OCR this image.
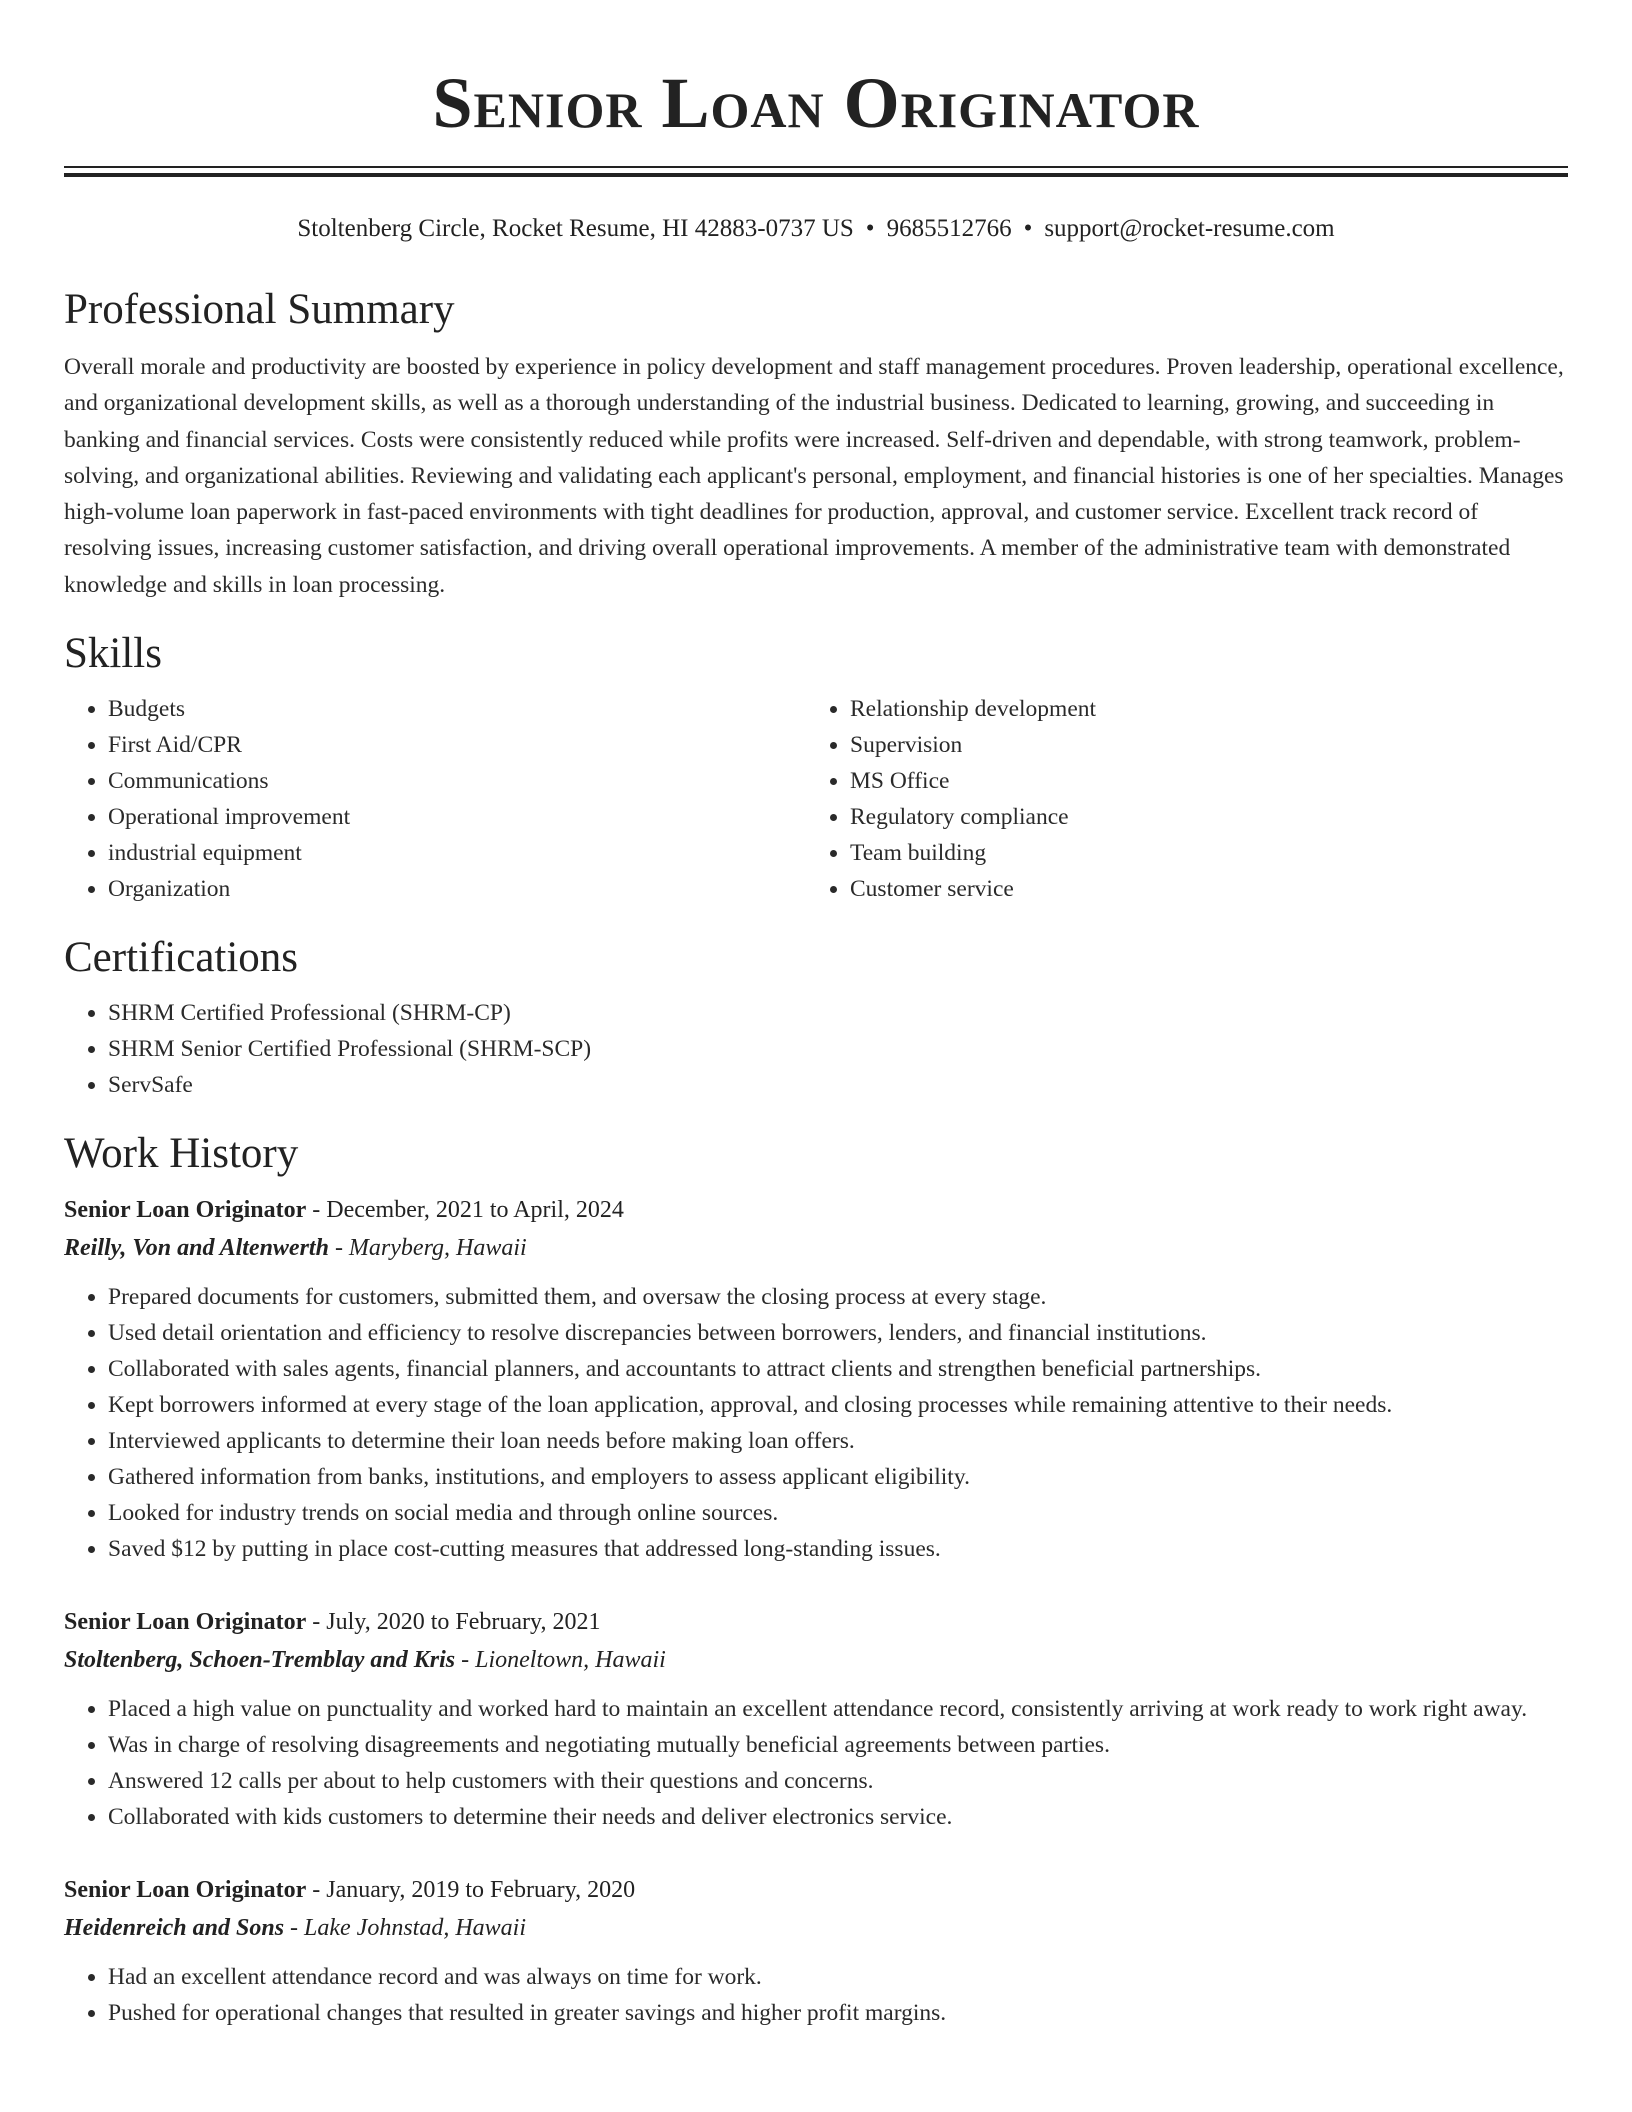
Senior Loan Originator
Stoltenberg Circle, Rocket Resume, HI 42883-0737 US • 9685512766 • support@rocket-resume.com
Professional Summary

Overall morale and productivity are boosted by experience in policy development and staff management procedures. Proven leadership, operational excellence, and organizational development skills, as well as a thorough understanding of the industrial business. Dedicated to learning, growing, and succeeding in banking and financial services. Costs were consistently reduced while profits were increased. Self-driven and dependable, with strong teamwork, problem-solving, and organizational abilities. Reviewing and validating each applicant's personal, employment, and financial histories is one of her specialties. Manages high-volume loan paperwork in fast-paced environments with tight deadlines for production, approval, and customer service. Excellent track record of resolving issues, increasing customer satisfaction, and driving overall operational improvements. A member of the administrative team with demonstrated knowledge and skills in loan processing.

Skills
• Budgets
• First Aid/CPR
• Communications
• Operational improvement
• industrial equipment
• Organization
• Relationship development
• Supervision
• MS Office
• Regulatory compliance
• Team building
• Customer service
Certifications
• SHRM Certified Professional (SHRM-CP)
• SHRM Senior Certified Professional (SHRM-SCP)
• ServSafe
Work History
Senior Loan Originator - December, 2021 to April, 2024
Reilly, Von and Altenwerth - Maryberg, Hawaii
• Prepared documents for customers, submitted them, and oversaw the closing process at every stage.
• Used detail orientation and efficiency to resolve discrepancies between borrowers, lenders, and financial institutions.
• Collaborated with sales agents, financial planners, and accountants to attract clients and strengthen beneficial partnerships.
• Kept borrowers informed at every stage of the loan application, approval, and closing processes while remaining attentive to their needs.
• Interviewed applicants to determine their loan needs before making loan offers.
• Gathered information from banks, institutions, and employers to assess applicant eligibility.
• Looked for industry trends on social media and through online sources.
• Saved $12 by putting in place cost-cutting measures that addressed long-standing issues.
Senior Loan Originator - July, 2020 to February, 2021
Stoltenberg, Schoen-Tremblay and Kris - Lioneltown, Hawaii
• Placed a high value on punctuality and worked hard to maintain an excellent attendance record, consistently arriving at work ready to work right away.
• Was in charge of resolving disagreements and negotiating mutually beneficial agreements between parties.
• Answered 12 calls per about to help customers with their questions and concerns.
• Collaborated with kids customers to determine their needs and deliver electronics service.
Senior Loan Originator - January, 2019 to February, 2020
Heidenreich and Sons - Lake Johnstad, Hawaii
• Had an excellent attendance record and was always on time for work.
• Pushed for operational changes that resulted in greater savings and higher profit margins.
